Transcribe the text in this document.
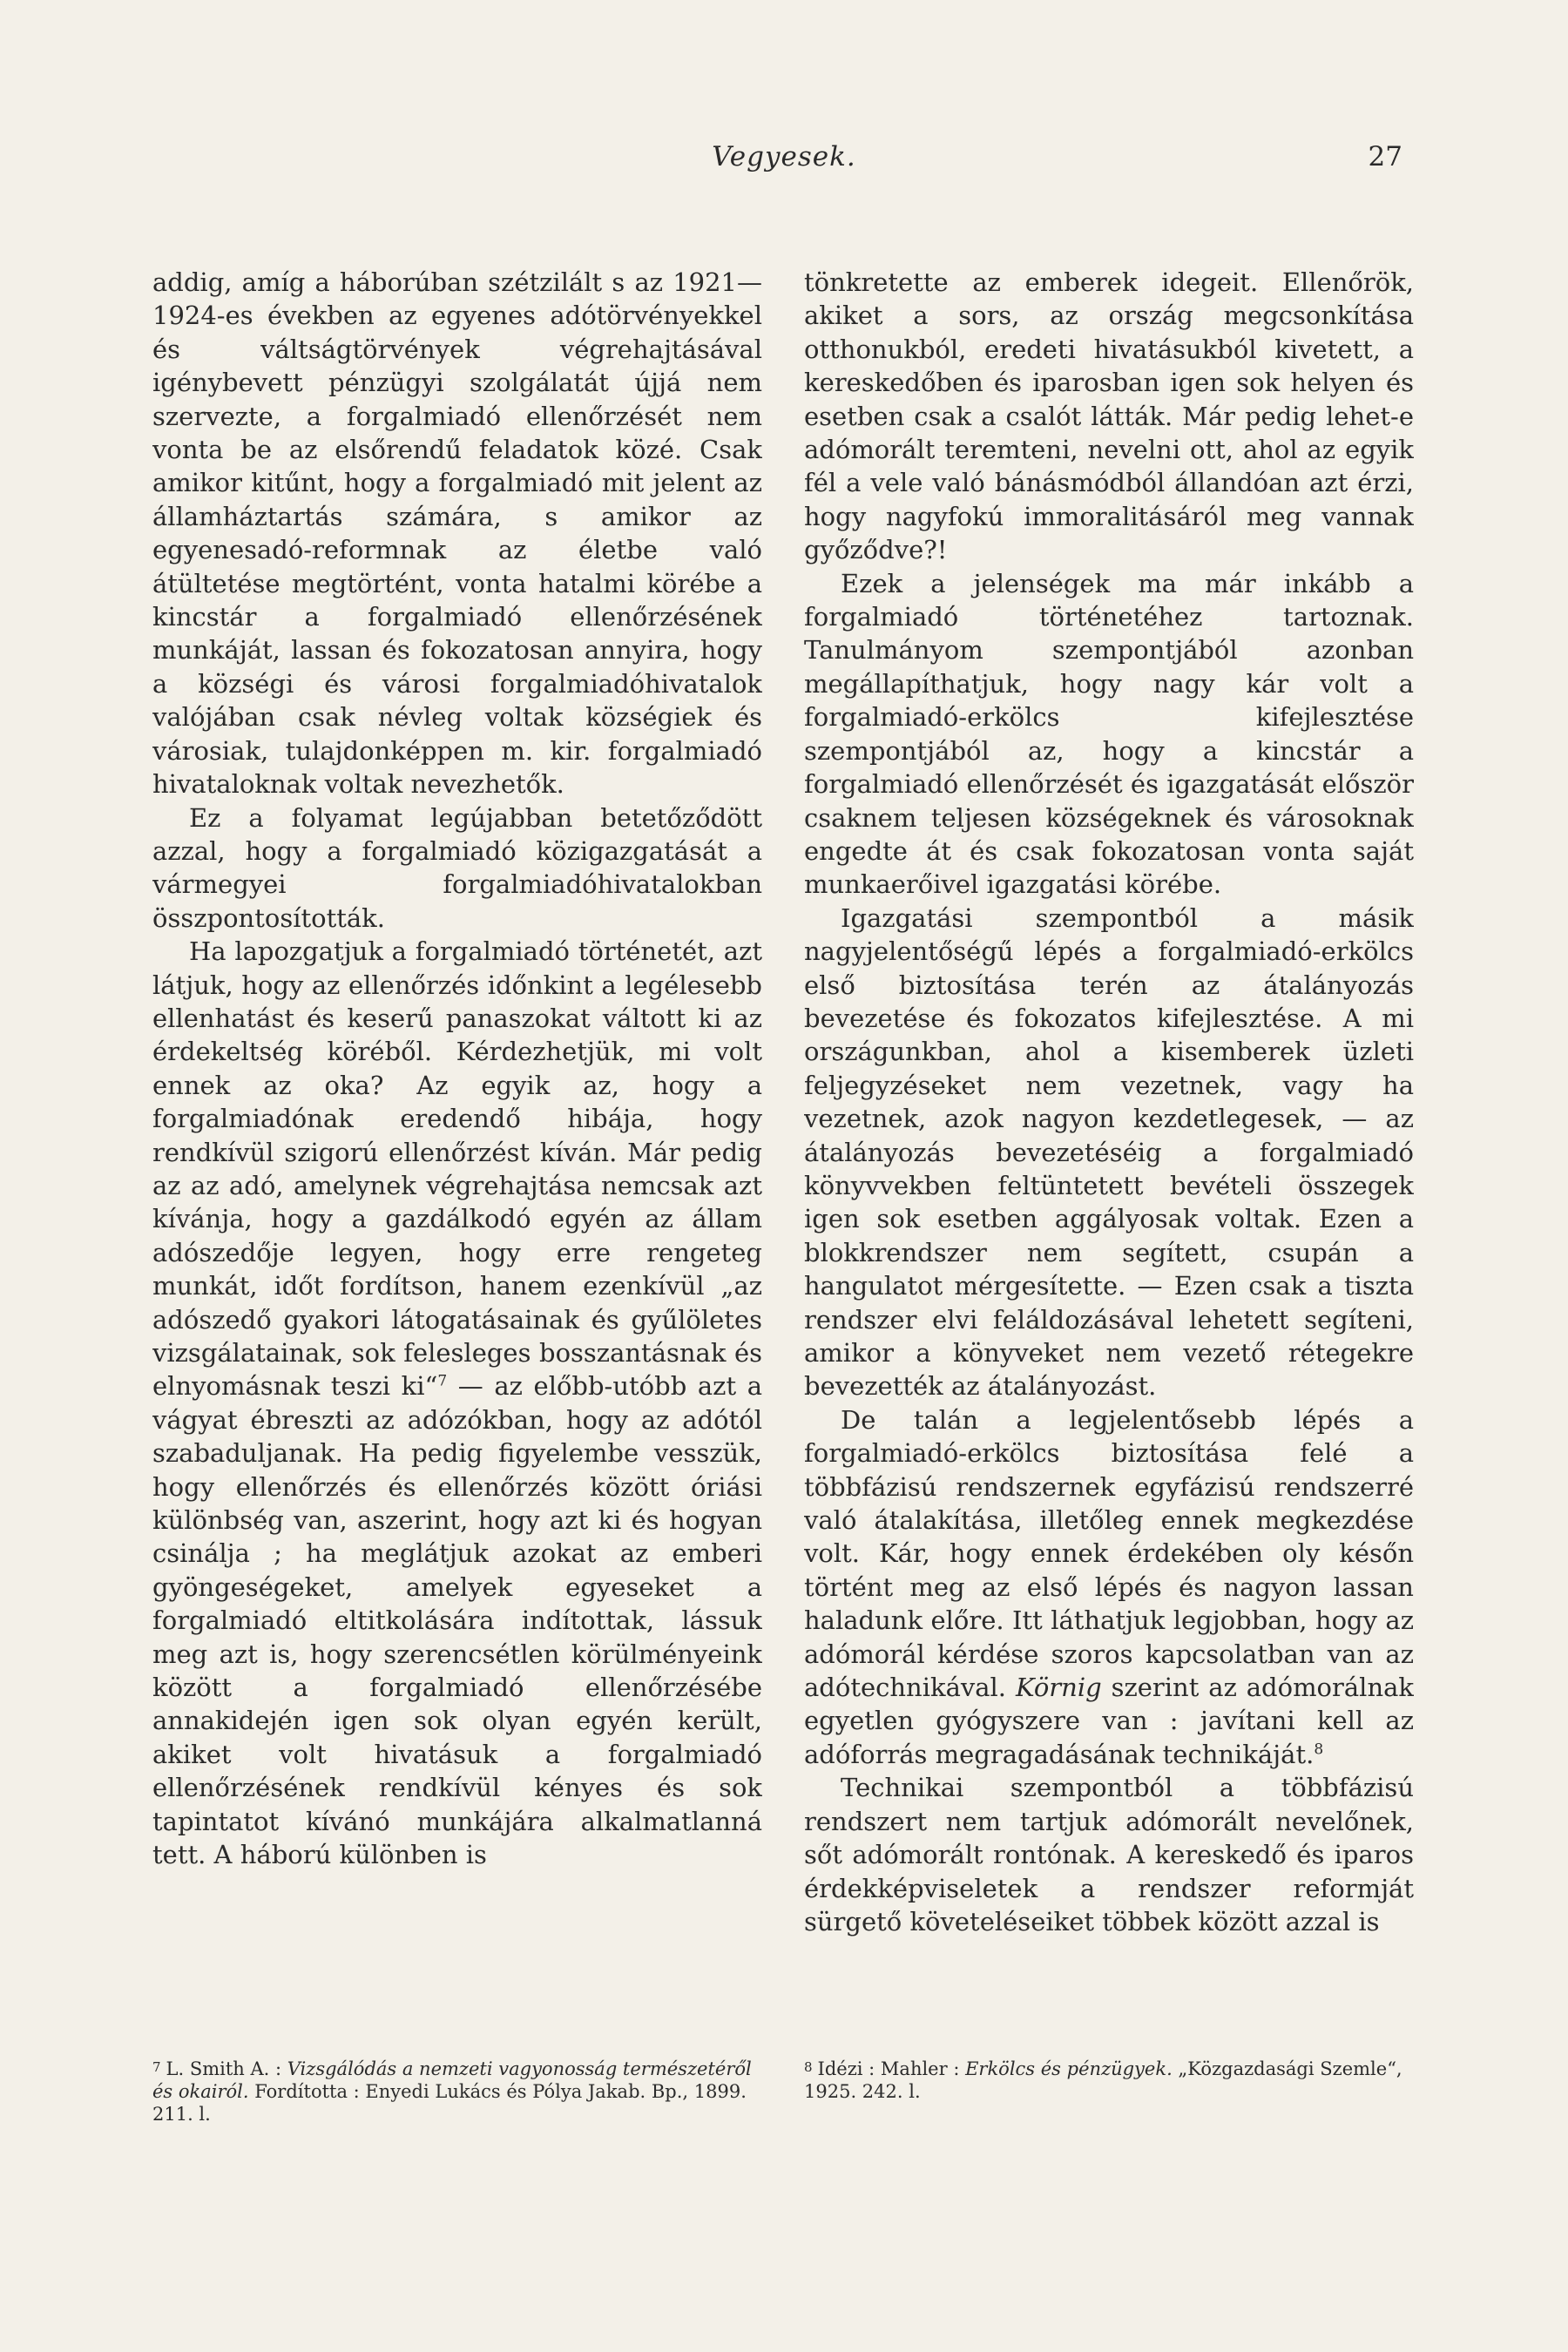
Vegyesek.	27

addig, amíg a háborúban szétzilált s az 1921—1924-es években az egyenes adótörvényekkel és váltságtörvények végrehajtásával igénybevett pénzügyi szolgálatát újjá nem szervezte, a forgalmiadó ellenőrzését nem vonta be az elsőrendű feladatok közé. Csak amikor kitűnt, hogy a forgalmiadó mit jelent az államháztartás számára, s amikor az egyenesadó-reformnak az életbe való átültetése megtörtént, vonta hatalmi körébe a kincstár a forgalmiadó ellenőrzésének munkáját, lassan és fokozatosan annyira, hogy a községi és városi forgalmiadóhivatalok valójában csak névleg voltak községiek és városiak, tulajdonképpen m. kir. forgalmiadó hivataloknak voltak nevezhetők.

Ez a folyamat legújabban betetőződött azzal, hogy a forgalmiadó közigazgatását a vármegyei forgalmiadóhivatalokban összpontosították.

Ha lapozgatjuk a forgalmiadó történetét, azt látjuk, hogy az ellenőrzés időnkint a legélesebb ellenhatást és keserű panaszokat váltott ki az érdekeltség köréből. Kérdezhetjük, mi volt ennek az oka? Az egyik az, hogy a forgalmiadónak eredendő hibája, hogy rendkívül szigorú ellenőrzést kíván. Már pedig az az adó, amelynek végrehajtása nemcsak azt kívánja, hogy a gazdálkodó egyén az állam adószedője legyen, hogy erre rengeteg munkát, időt fordítson, hanem ezenkívül „az adószedő gyakori látogatásainak és gyűlöletes vizsgálatainak, sok felesleges bosszantásnak és elnyomásnak teszi ki“$^7$ — az előbb-utóbb azt a vágyat ébreszti az adózókban, hogy az adótól szabaduljanak. Ha pedig figyelembe vesszük, hogy ellenőrzés és ellenőrzés között óriási különbség van, aszerint, hogy azt ki és hogyan csinálja ; ha meglátjuk azokat az emberi gyöngeségeket, amelyek egyeseket a forgalmiadó eltitkolására indítottak, lássuk meg azt is, hogy szerencsétlen körülményeink között a forgalmiadó ellenőrzésébe annakidején igen sok olyan egyén került, akiket volt hivatásuk a forgalmiadó ellenőrzésének rendkívül kényes és sok tapintatot kívánó munkájára alkalmatlanná tett. A háború különben is

tönkretette az emberek idegeit. Ellenőrök, akiket a sors, az ország megcsonkítása otthonukból, eredeti hivatásukból kivetett, a kereskedőben és iparosban igen sok helyen és esetben csak a csalót látták. Már pedig lehet-e adómorált teremteni, nevelni ott, ahol az egyik fél a vele való bánásmódból állandóan azt érzi, hogy nagyfokú immoralitásáról meg vannak győződve?!

Ezek a jelenségek ma már inkább a forgalmiadó történetéhez tartoznak. Tanulmányom szempontjából azonban megállapíthatjuk, hogy nagy kár volt a forgalmiadó-erkölcs kifejlesztése szempontjából az, hogy a kincstár a forgalmiadó ellenőrzését és igazgatását először csaknem teljesen községeknek és városoknak engedte át és csak fokozatosan vonta saját munkaerőivel igazgatási körébe.

Igazgatási szempontból a másik nagyjelentőségű lépés a forgalmiadó-erkölcs első biztosítása terén az átalányozás bevezetése és fokozatos kifejlesztése. A mi országunkban, ahol a kisemberek üzleti feljegyzéseket nem vezetnek, vagy ha vezetnek, azok nagyon kezdetlegesek, — az átalányozás bevezetéséig a forgalmiadó könyvvekben feltüntetett bevételi összegek igen sok esetben aggályosak voltak. Ezen a blokkrendszer nem segített, csupán a hangulatot mérgesítette. — Ezen csak a tiszta rendszer elvi feláldozásával lehetett segíteni, amikor a könyveket nem vezető rétegekre bevezették az átalányozást.

De talán a legjelentősebb lépés a forgalmiadó-erkölcs biztosítása felé a többfázisú rendszernek egyfázisú rendszerré való átalakítása, illetőleg ennek megkezdése volt. Kár, hogy ennek érdekében oly későn történt meg az első lépés és nagyon lassan haladunk előre. Itt láthatjuk legjobban, hogy az adómorál kérdése szoros kapcsolatban van az adótechnikával. Körnig szerint az adómorálnak egyetlen gyógyszere van : javítani kell az adóforrás megragadásának technikáját.$^8$

Technikai szempontból a többfázisú rendszert nem tartjuk adómorált nevelőnek, sőt adómorált rontónak. A kereskedő és iparos érdekképviseletek a rendszer reformját sürgető követeléseiket többek között azzal is

7 L. Smith A. : Vizsgálódás a nemzeti vagyonosság természetéről és okairól. Fordította : Enyedi Lukács és Pólya Jakab. Bp., 1899. 211. l.
8 Idézi : Mahler : Erkölcs és pénzügyek. „Közgazdasági Szemle“, 1925. 242. l.
